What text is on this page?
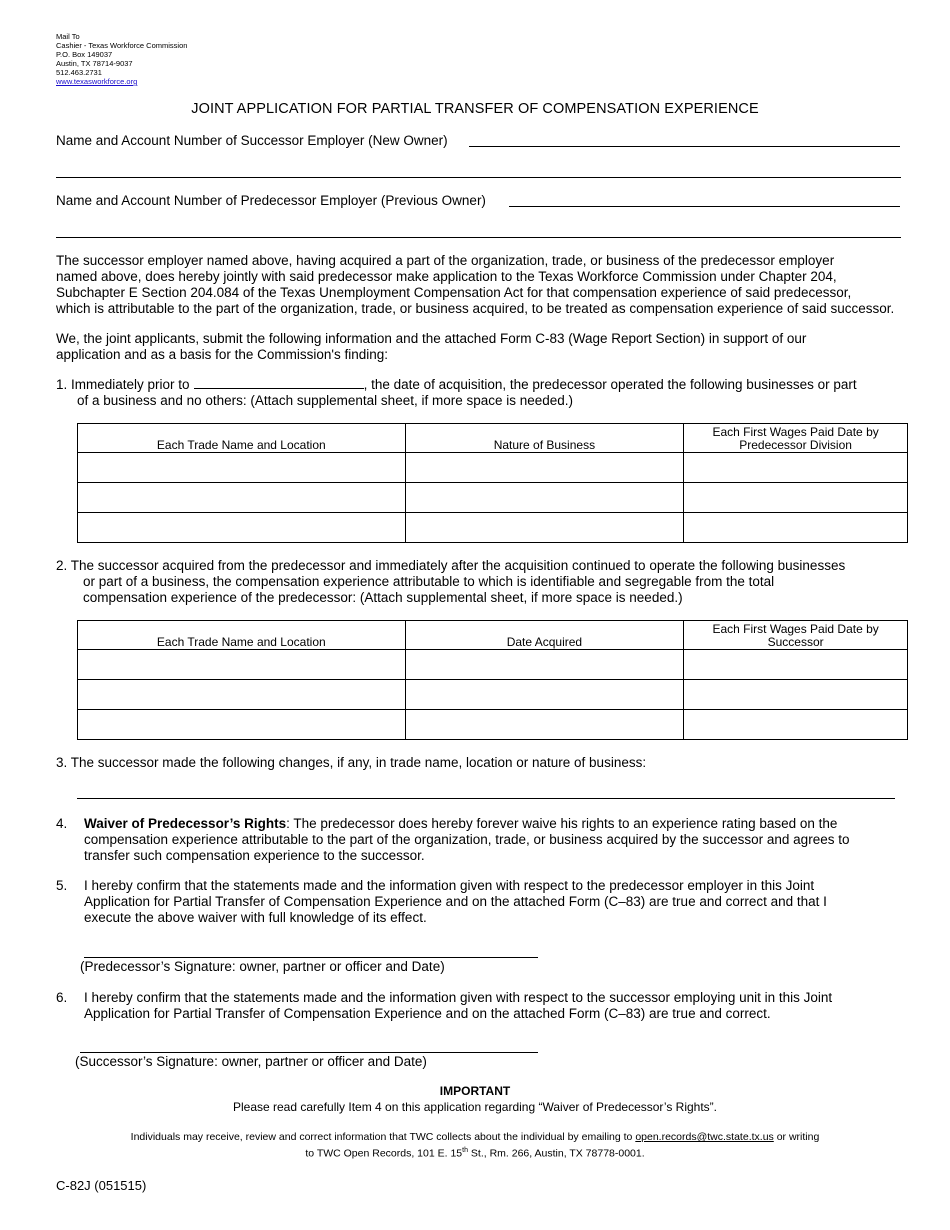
Mail To
Cashier - Texas Workforce Commission
P.O. Box 149037
Austin, TX 78714-9037
512.463.2731
www.texasworkforce.org
JOINT APPLICATION FOR PARTIAL TRANSFER OF COMPENSATION EXPERIENCE
Name and Account Number of Successor Employer (New Owner)
Name and Account Number of Predecessor Employer (Previous Owner)

The successor employer named above, having acquired a part of the organization, trade, or business of the predecessor employer

named above, does hereby jointly with said predecessor make application to the Texas Workforce Commission under Chapter 204,

Subchapter E Section 204.084 of the Texas Unemployment Compensation Act for that compensation experience of said predecessor,

which is attributable to the part of the organization, trade, or business acquired, to be treated as compensation experience of said successor.

We, the joint applicants, submit the following information and the attached Form C-83 (Wage Report Section) in support of our

application and as a basis for the Commission's finding:

1. Immediately prior to	, the date of acquisition, the predecessor operated the following businesses or part

of a business and no others: (Attach supplemental sheet, if more space is needed.)

Each Trade Name and Location	Nature of Business	Each First Wages Paid Date by
Predecessor Division

2. The successor acquired from the predecessor and immediately after the acquisition continued to operate the following businesses

or part of a business, the compensation experience attributable to which is identifiable and segregable from the total

compensation experience of the predecessor: (Attach supplemental sheet, if more space is needed.)

Each Trade Name and Location	Date Acquired	Each First Wages Paid Date by
Successor

3. The successor made the following changes, if any, in trade name, location or nature of business:

4. Waiver of Predecessor’s Rights: The predecessor does hereby forever waive his rights to an experience rating based on the

compensation experience attributable to the part of the organization, trade, or business acquired by the successor and agrees to

transfer such compensation experience to the successor.

5. I hereby confirm that the statements made and the information given with respect to the predecessor employer in this Joint

Application for Partial Transfer of Compensation Experience and on the attached Form (C–83) are true and correct and that I

execute the above waiver with full knowledge of its effect.

(Predecessor’s Signature: owner, partner or officer and Date)
6. I hereby confirm that the statements made and the information given with respect to the successor employing unit in this Joint

Application for Partial Transfer of Compensation Experience and on the attached Form (C–83) are true and correct.

(Successor’s Signature: owner, partner or officer and Date)
IMPORTANT
Please read carefully Item 4 on this application regarding “Waiver of Predecessor’s Rights”.
Individuals may receive, review and correct information that TWC collects about the individual by emailing to open.records@twc.state.tx.us or writing
to TWC Open Records, 101 E. 15th St., Rm. 266, Austin, TX 78778-0001.
C-82J (051515)
